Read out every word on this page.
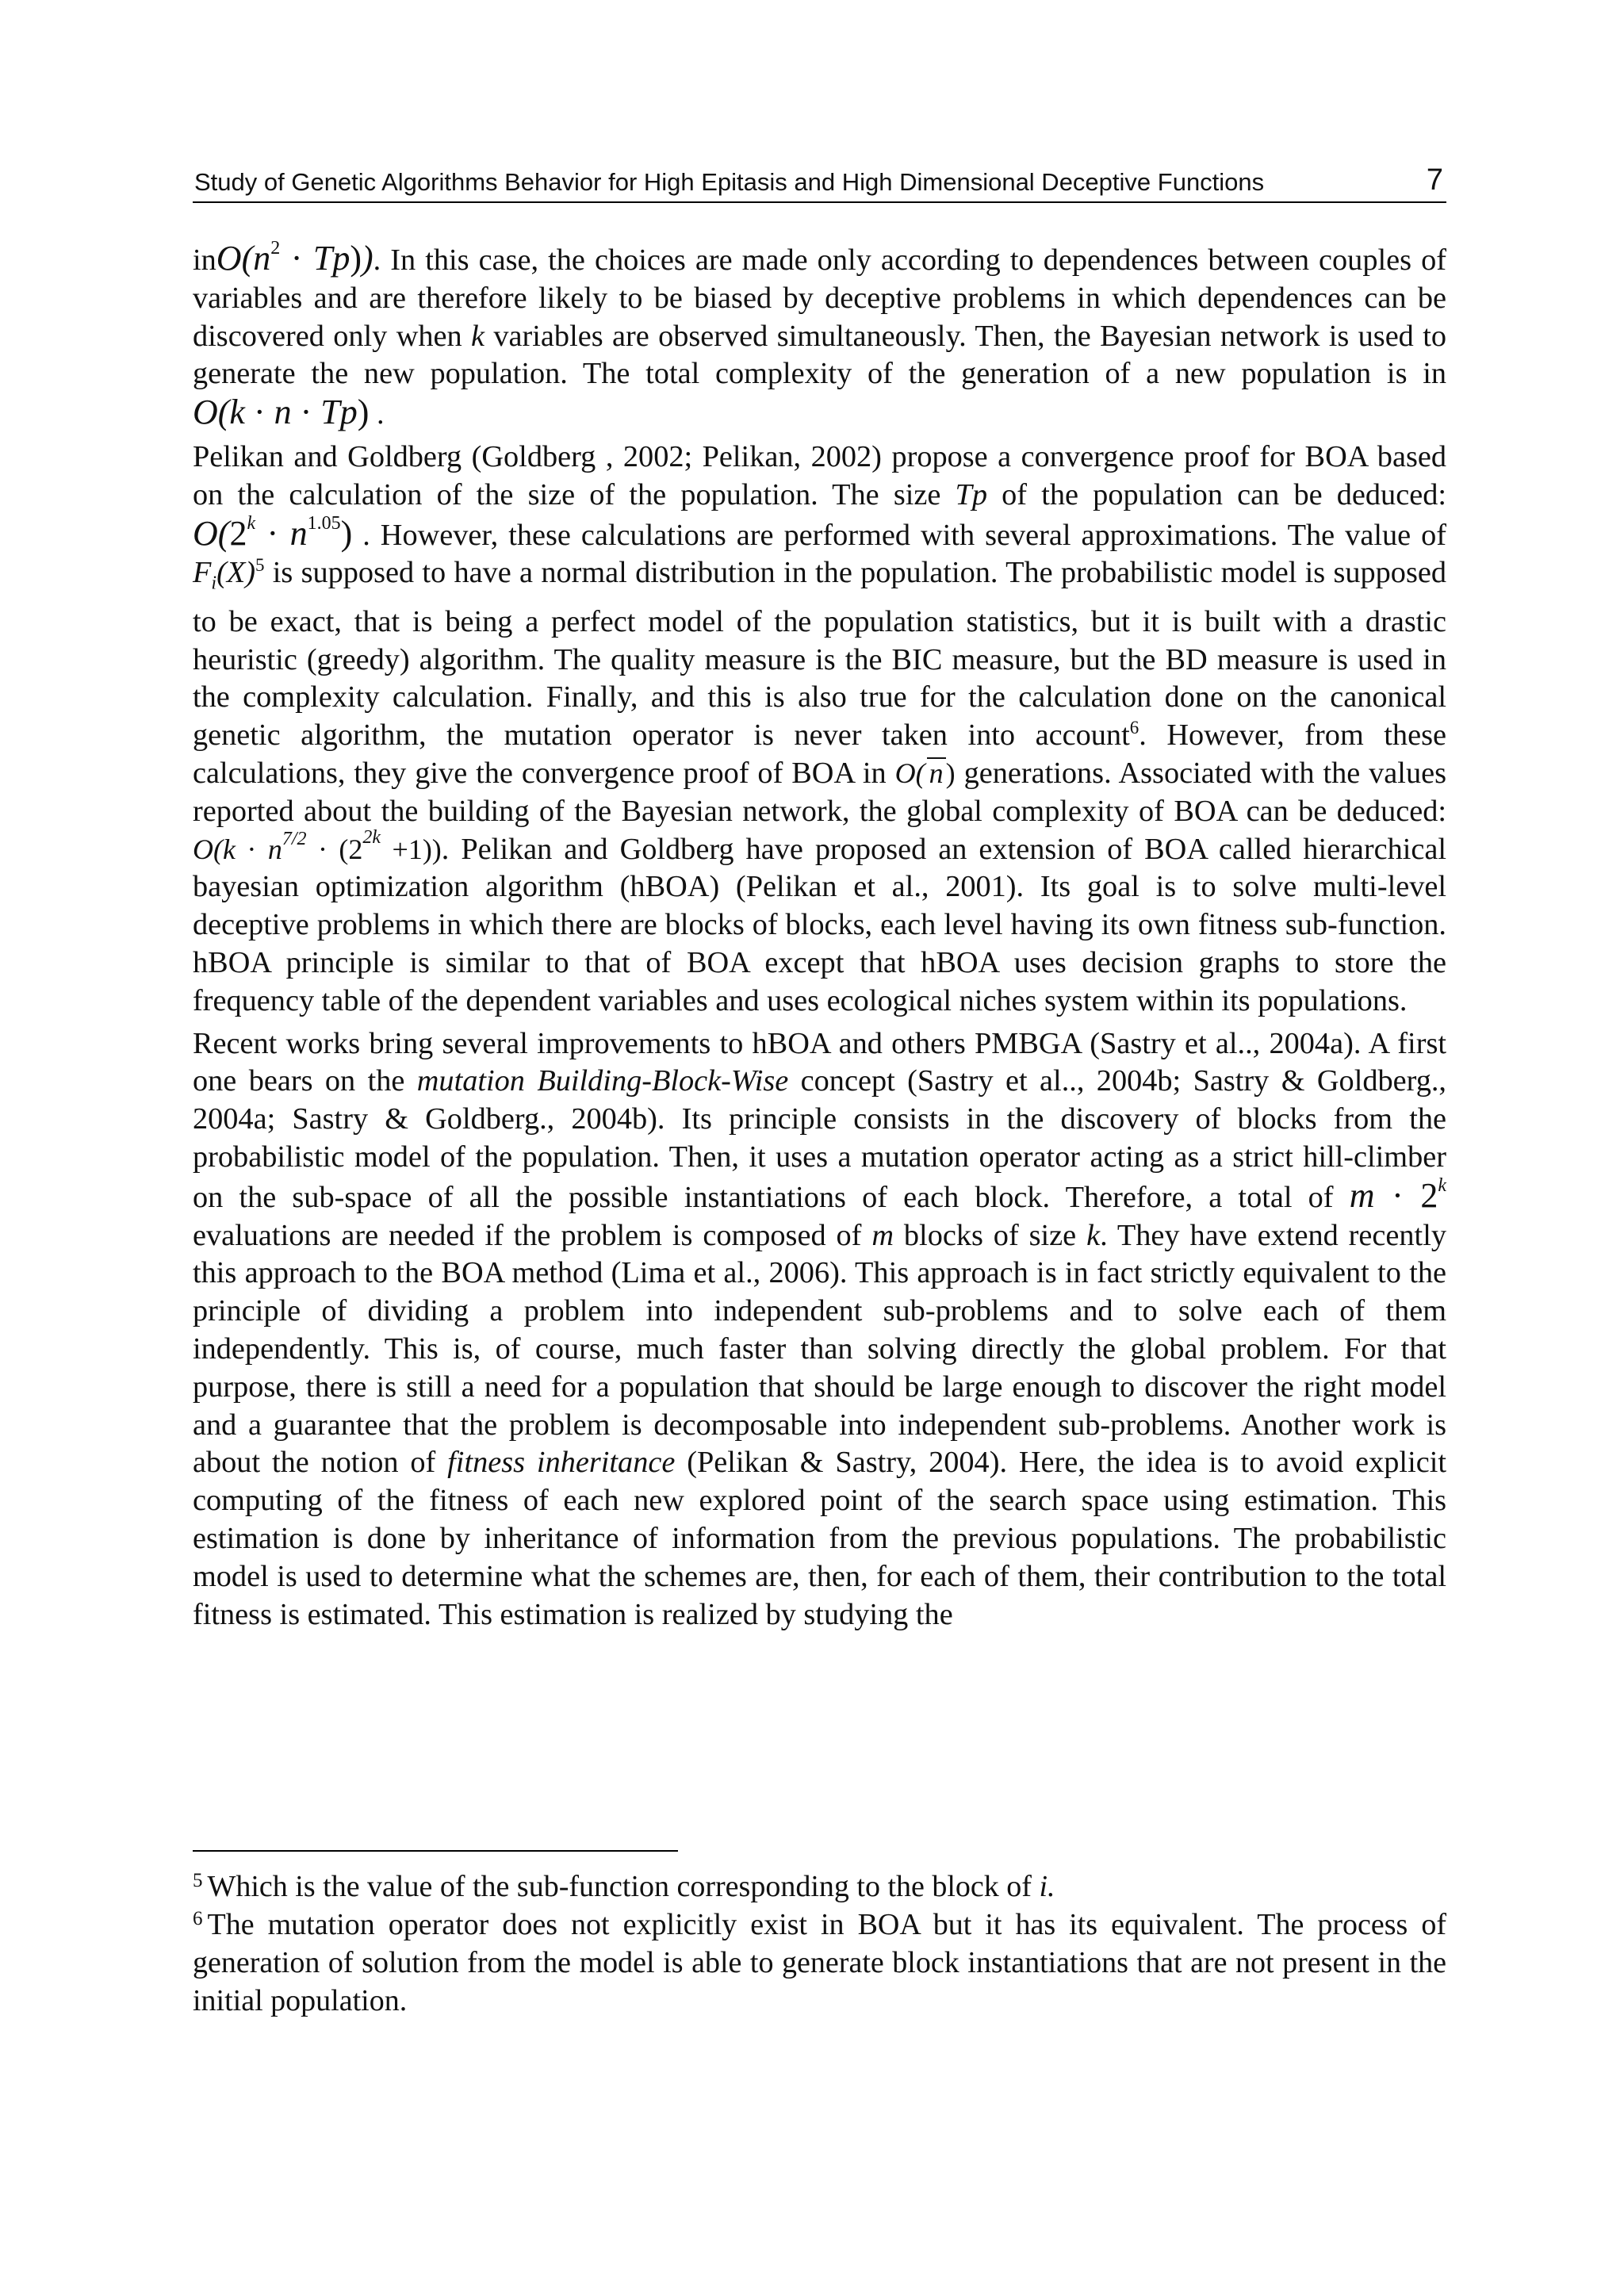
Study of Genetic Algorithms Behavior for High Epitasis and High Dimensional Deceptive Functions	7

$inO(n^2 \cdot Tp)$). In this case, the choices are made only according to dependences between couples of variables and are therefore likely to be biased by deceptive problems in which dependences can be discovered only when k variables are observed simultaneously. Then, the Bayesian network is used to generate the new population. The total complexity of the generation of a new population is in O(k · n · Tp) .

Pelikan and Goldberg (Goldberg , 2002; Pelikan, 2002) propose a convergence proof for BOA based on the calculation of the size of the population. The size Tp of the population can be deduced: $O(2^k \cdot n^{1.05})$ . However, these calculations are performed with several approximations. The value of $F_i(X)^5$ is supposed to have a normal distribution in the population. The probabilistic model is supposed to be exact, that is being a perfect model of the population statistics, but it is built with a drastic heuristic (greedy) algorithm. The quality measure is the BIC measure, but the BD measure is used in the complexity calculation. Finally, and this is also true for the calculation done on the canonical genetic algorithm, the mutation operator is never taken into account$^6$. However, from these calculations, they give the convergence proof of BOA in O( n) generations. Associated with the values reported about the building of the Bayesian network, the global complexity of BOA can be deduced: $O(k \cdot n^{7/2} \cdot (2^{2k} +1))$. Pelikan and Goldberg have proposed an extension of BOA called hierarchical bayesian optimization algorithm (hBOA) (Pelikan et al., 2001). Its goal is to solve multi-level deceptive problems in which there are blocks of blocks, each level having its own fitness sub-function. hBOA principle is similar to that of BOA except that hBOA uses decision graphs to store the frequency table of the dependent variables and uses ecological niches system within its populations.

Recent works bring several improvements to hBOA and others PMBGA (Sastry et al.., 2004a). A first one bears on the mutation Building-Block-Wise concept (Sastry et al.., 2004b; Sastry & Goldberg., 2004a; Sastry & Goldberg., 2004b). Its principle consists in the discovery of blocks from the probabilistic model of the population. Then, it uses a mutation operator acting as a strict hill-climber on the sub-space of all the possible instantiations of each block. Therefore, a total of $m \cdot 2^k$ evaluations are needed if the problem is composed of m blocks of size k. They have extend recently this approach to the BOA method (Lima et al., 2006). This approach is in fact strictly equivalent to the principle of dividing a problem into independent sub-problems and to solve each of them independently. This is, of course, much faster than solving directly the global problem. For that purpose, there is still a need for a population that should be large enough to discover the right model and a guarantee that the problem is decomposable into independent sub-problems. Another work is about the notion of fitness inheritance (Pelikan & Sastry, 2004). Here, the idea is to avoid explicit computing of the fitness of each new explored point of the search space using estimation. This estimation is done by inheritance of information from the previous populations. The probabilistic model is used to determine what the schemes are, then, for each of them, their contribution to the total fitness is estimated. This estimation is realized by studying the

$^5$ Which is the value of the sub-function corresponding to the block of i.

$^6$ The mutation operator does not explicitly exist in BOA but it has its equivalent. The process of generation of solution from the model is able to generate block instantiations that are not present in the initial population.
